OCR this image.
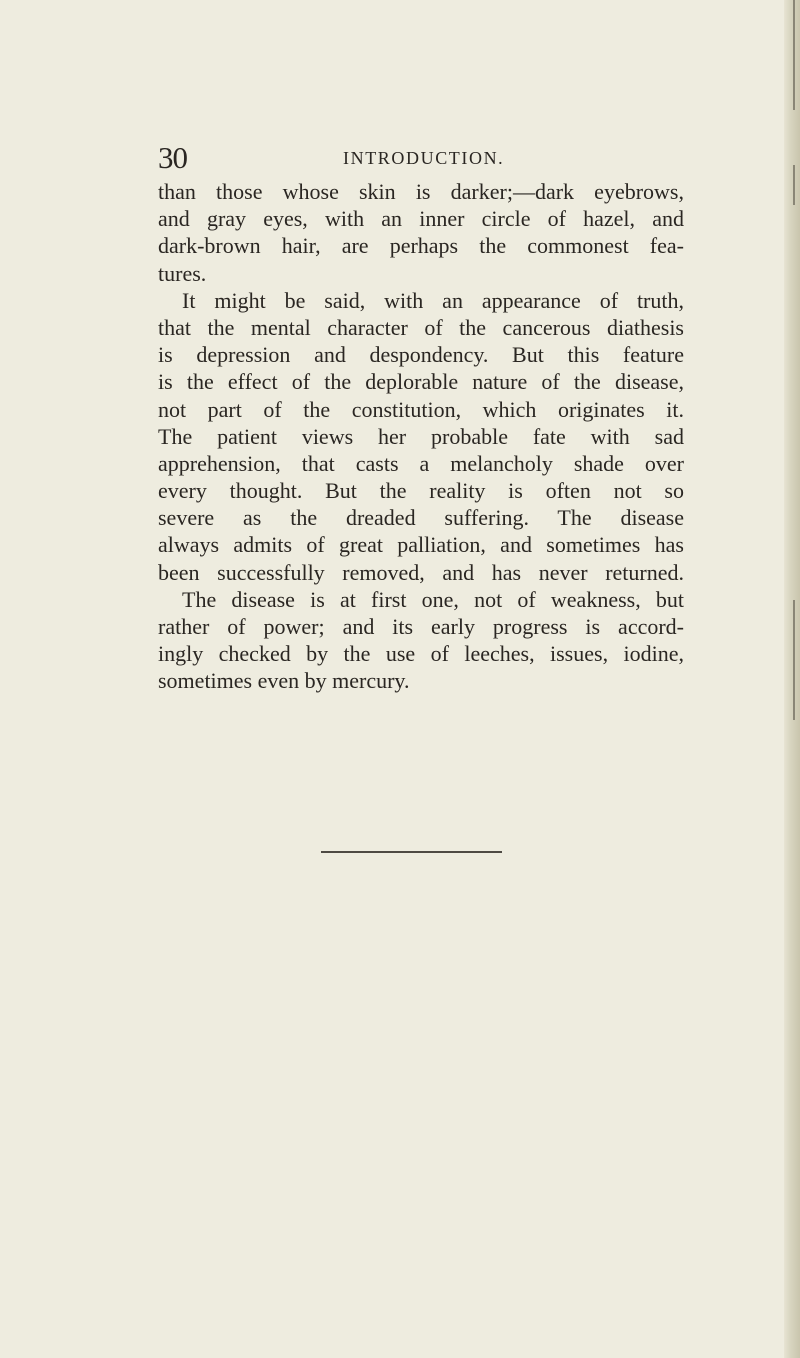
30	INTRODUCTION.
than those whose skin is darker;—dark eyebrows,
and gray eyes, with an inner circle of hazel, and
dark-brown hair, are perhaps the commonest fea-
tures.
It might be said, with an appearance of truth,
that the mental character of the cancerous diathesis
is depression and despondency. But this feature
is the effect of the deplorable nature of the disease,
not part of the constitution, which originates it.
The patient views her probable fate with sad
apprehension, that casts a melancholy shade over
every thought. But the reality is often not so
severe as the dreaded suffering. The disease
always admits of great palliation, and sometimes has
been successfully removed, and has never returned.
The disease is at first one, not of weakness, but
rather of power; and its early progress is accord-
ingly checked by the use of leeches, issues, iodine,
sometimes even by mercury.
